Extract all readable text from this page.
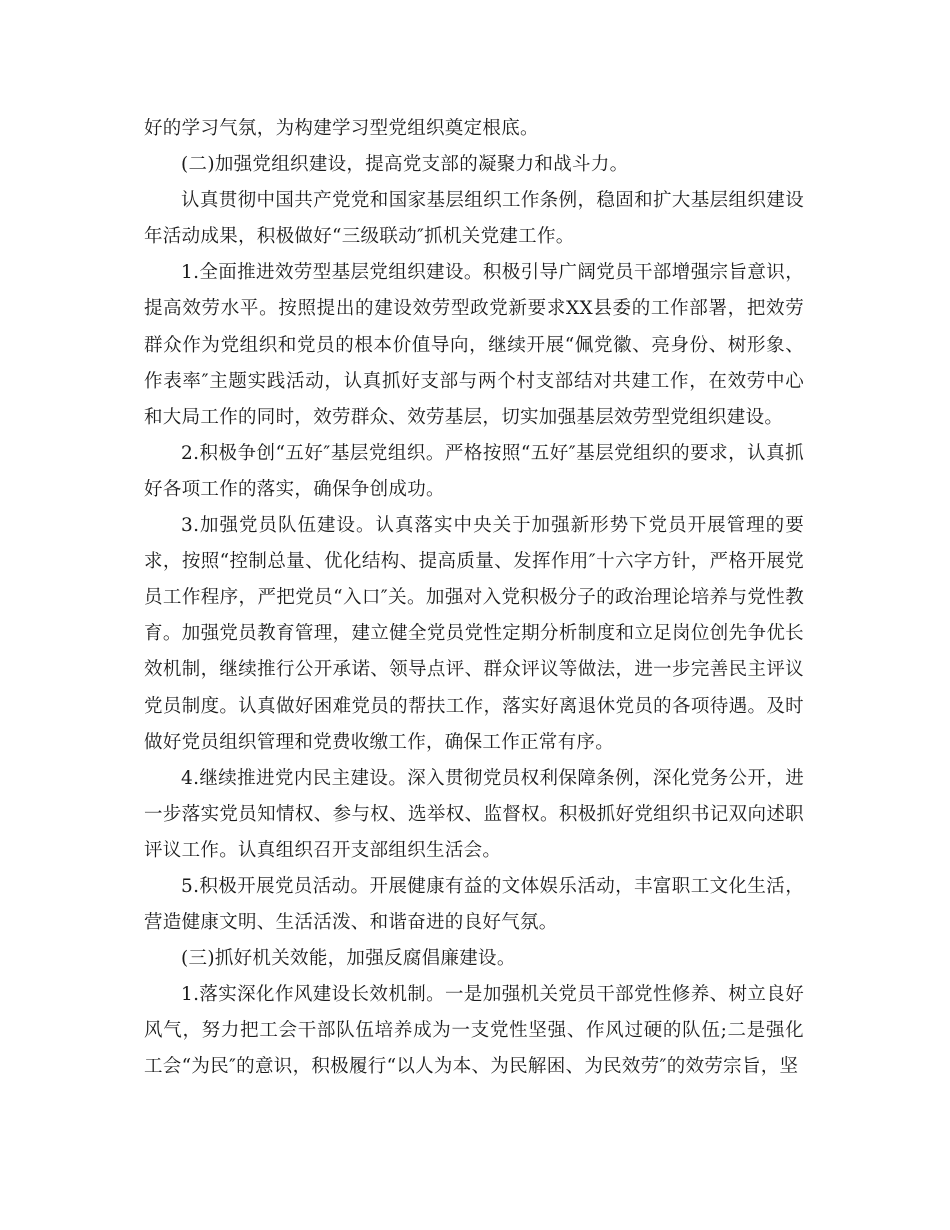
好的学习气氛，为构建学习型党组织奠定根底。

(二)加强党组织建设，提高党支部的凝聚力和战斗力。

认真贯彻中国共产党党和国家基层组织工作条例，稳固和扩大基层组织建设年活动成果，积极做好“三级联动″抓机关党建工作。

1.全面推进效劳型基层党组织建设。积极引导广阔党员干部增强宗旨意识，提高效劳水平。按照提出的建设效劳型政党新要求XX县委的工作部署，把效劳群众作为党组织和党员的根本价值导向，继续开展“佩党徽、亮身份、树形象、作表率″主题实践活动，认真抓好支部与两个村支部结对共建工作，在效劳中心和大局工作的同时，效劳群众、效劳基层，切实加强基层效劳型党组织建设。

2.积极争创“五好″基层党组织。严格按照“五好″基层党组织的要求，认真抓好各项工作的落实，确保争创成功。

3.加强党员队伍建设。认真落实中央关于加强新形势下党员开展管理的要求，按照“控制总量、优化结构、提高质量、发挥作用″十六字方针，严格开展党员工作程序，严把党员“入口″关。加强对入党积极分子的政治理论培养与党性教育。加强党员教育管理，建立健全党员党性定期分析制度和立足岗位创先争优长效机制，继续推行公开承诺、领导点评、群众评议等做法，进一步完善民主评议党员制度。认真做好困难党员的帮扶工作，落实好离退休党员的各项待遇。及时做好党员组织管理和党费收缴工作，确保工作正常有序。

4.继续推进党内民主建设。深入贯彻党员权利保障条例，深化党务公开，进一步落实党员知情权、参与权、选举权、监督权。积极抓好党组织书记双向述职评议工作。认真组织召开支部组织生活会。

5.积极开展党员活动。开展健康有益的文体娱乐活动，丰富职工文化生活，营造健康文明、生活活泼、和谐奋进的良好气氛。

(三)抓好机关效能，加强反腐倡廉建设。

1.落实深化作风建设长效机制。一是加强机关党员干部党性修养、树立良好风气，努力把工会干部队伍培养成为一支党性坚强、作风过硬的队伍;二是强化工会“为民″的意识，积极履行“以人为本、为民解困、为民效劳″的效劳宗旨，坚
